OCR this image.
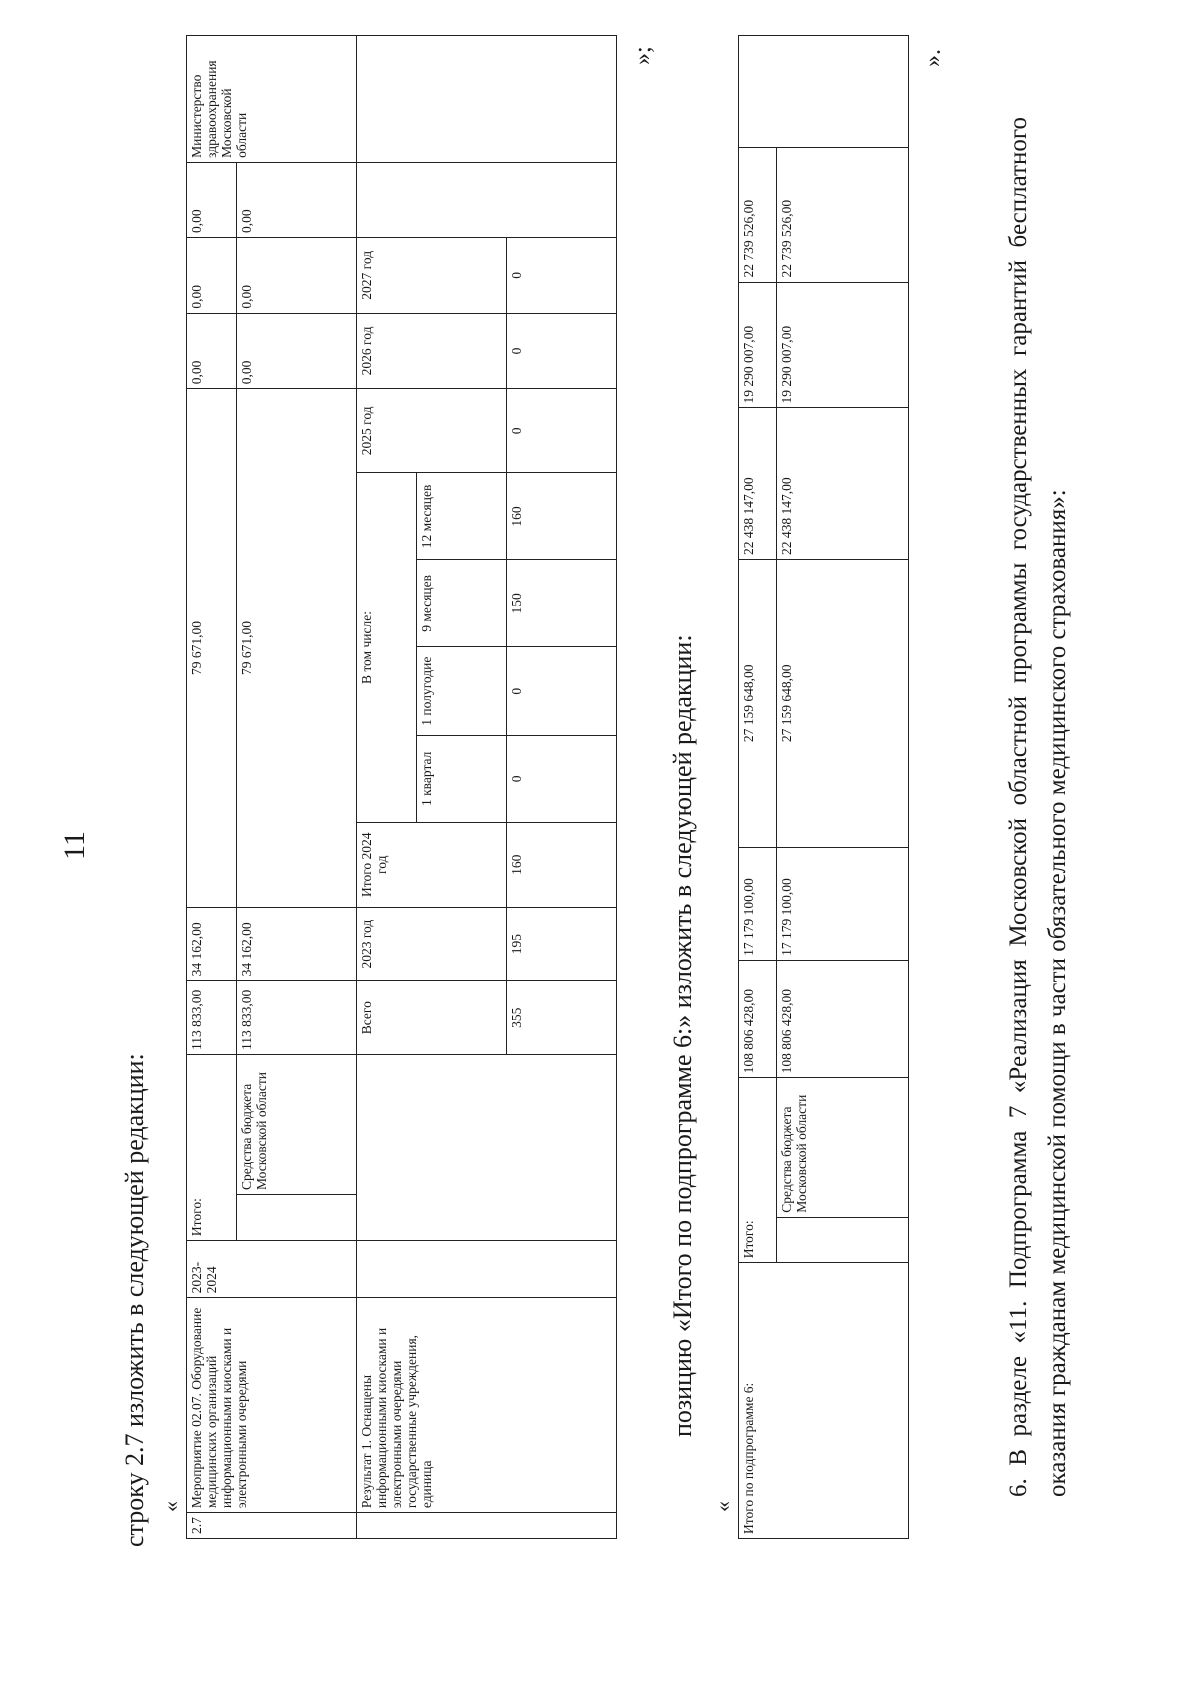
11
строку 2.7 изложить в следующей редакции: «
2.7	Мероприятие 02.07. Оборудование медицинских организаций информационными киосками и электронными очередями	2023-2024	Итого:		113 833,00	34 162,00	79 671,00						0,00	0,00	0,00	Министерство здравоохранения Московской области
				Средства бюджета Московской области	113 833,00	34 162,00	79 671,00						0,00	0,00	0,00	
	Результат 1. Оснащены информационными киосками и электронными очередями государственные учреждения, единица				Всего	2023 год	Итого 2024 год	В том числе:				2025 год	2026 год	2027 год		
								1 квартал	1 полугодие	9 месяцев	12 месяцев					
					355	195	160	0	0	150	160	0	0	0		
»;
позицию «Итого по подпрограмме 6:» изложить в следующей редакции:
« Итого по подпрограмме 6:	Итого:		108 806 428,00	17 179 100,00	27 159 648,00	22 438 147,00	19 290 007,00	22 739 526,00	
		Средства бюджета Московской области	108 806 428,00	17 179 100,00	27 159 648,00	22 438 147,00	19 290 007,00	22 739 526,00	
».
6. В разделе «11. Подпрограмма 7 «Реализация Московской областной программы государственных гарантий бесплатного оказания гражданам медицинской помощи в части обязательного медицинского страхования»:
